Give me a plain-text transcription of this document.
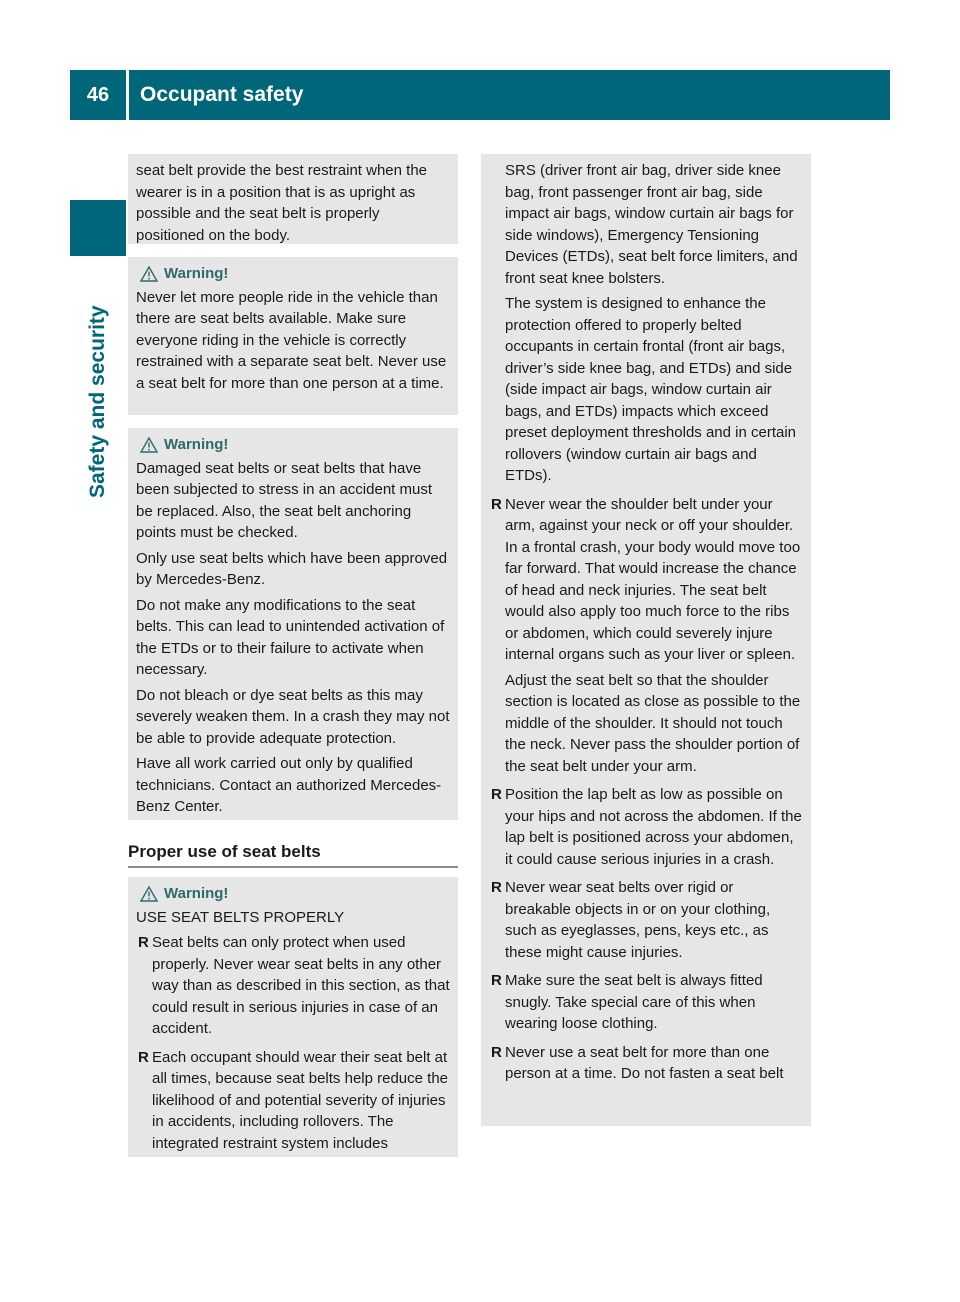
46	Occupant safety
Safety and security

seat belt provide the best restraint when the wearer is in a position that is as upright as possible and the seat belt is properly positioned on the body.

Warning!

Never let more people ride in the vehicle than there are seat belts available. Make sure everyone riding in the vehicle is correctly restrained with a separate seat belt. Never use a seat belt for more than one person at a time.

Warning!

Damaged seat belts or seat belts that have been subjected to stress in an accident must be replaced. Also, the seat belt anchoring points must be checked.

Only use seat belts which have been approved by Mercedes-Benz.

Do not make any modifications to the seat belts. This can lead to unintended activation of the ETDs or to their failure to activate when necessary.

Do not bleach or dye seat belts as this may severely weaken them. In a crash they may not be able to provide adequate protection.

Have all work carried out only by qualified technicians. Contact an authorized Mercedes-Benz Center.

Proper use of seat belts
Warning!

USE SEAT BELTS PROPERLY

R Seat belts can only protect when used properly. Never wear seat belts in any other way than as described in this section, as that could result in serious injuries in case of an accident.

R Each occupant should wear their seat belt at all times, because seat belts help reduce the likelihood of and potential severity of injuries in accidents, including rollovers. The integrated restraint system includes

SRS (driver front air bag, driver side knee bag, front passenger front air bag, side impact air bags, window curtain air bags for side windows), Emergency Tensioning Devices (ETDs), seat belt force limiters, and front seat knee bolsters.

The system is designed to enhance the protection offered to properly belted occupants in certain frontal (front air bags, driver’s side knee bag, and ETDs) and side (side impact air bags, window curtain air bags, and ETDs) impacts which exceed preset deployment thresholds and in certain rollovers (window curtain air bags and ETDs).

R Never wear the shoulder belt under your arm, against your neck or off your shoulder. In a frontal crash, your body would move too far forward. That would increase the chance of head and neck injuries. The seat belt would also apply too much force to the ribs or abdomen, which could severely injure internal organs such as your liver or spleen.

Adjust the seat belt so that the shoulder section is located as close as possible to the middle of the shoulder. It should not touch the neck. Never pass the shoulder portion of the seat belt under your arm.

R Position the lap belt as low as possible on your hips and not across the abdomen. If the lap belt is positioned across your abdomen, it could cause serious injuries in a crash.

R Never wear seat belts over rigid or breakable objects in or on your clothing, such as eyeglasses, pens, keys etc., as these might cause injuries.

R Make sure the seat belt is always fitted snugly. Take special care of this when wearing loose clothing.

R Never use a seat belt for more than one person at a time. Do not fasten a seat belt
